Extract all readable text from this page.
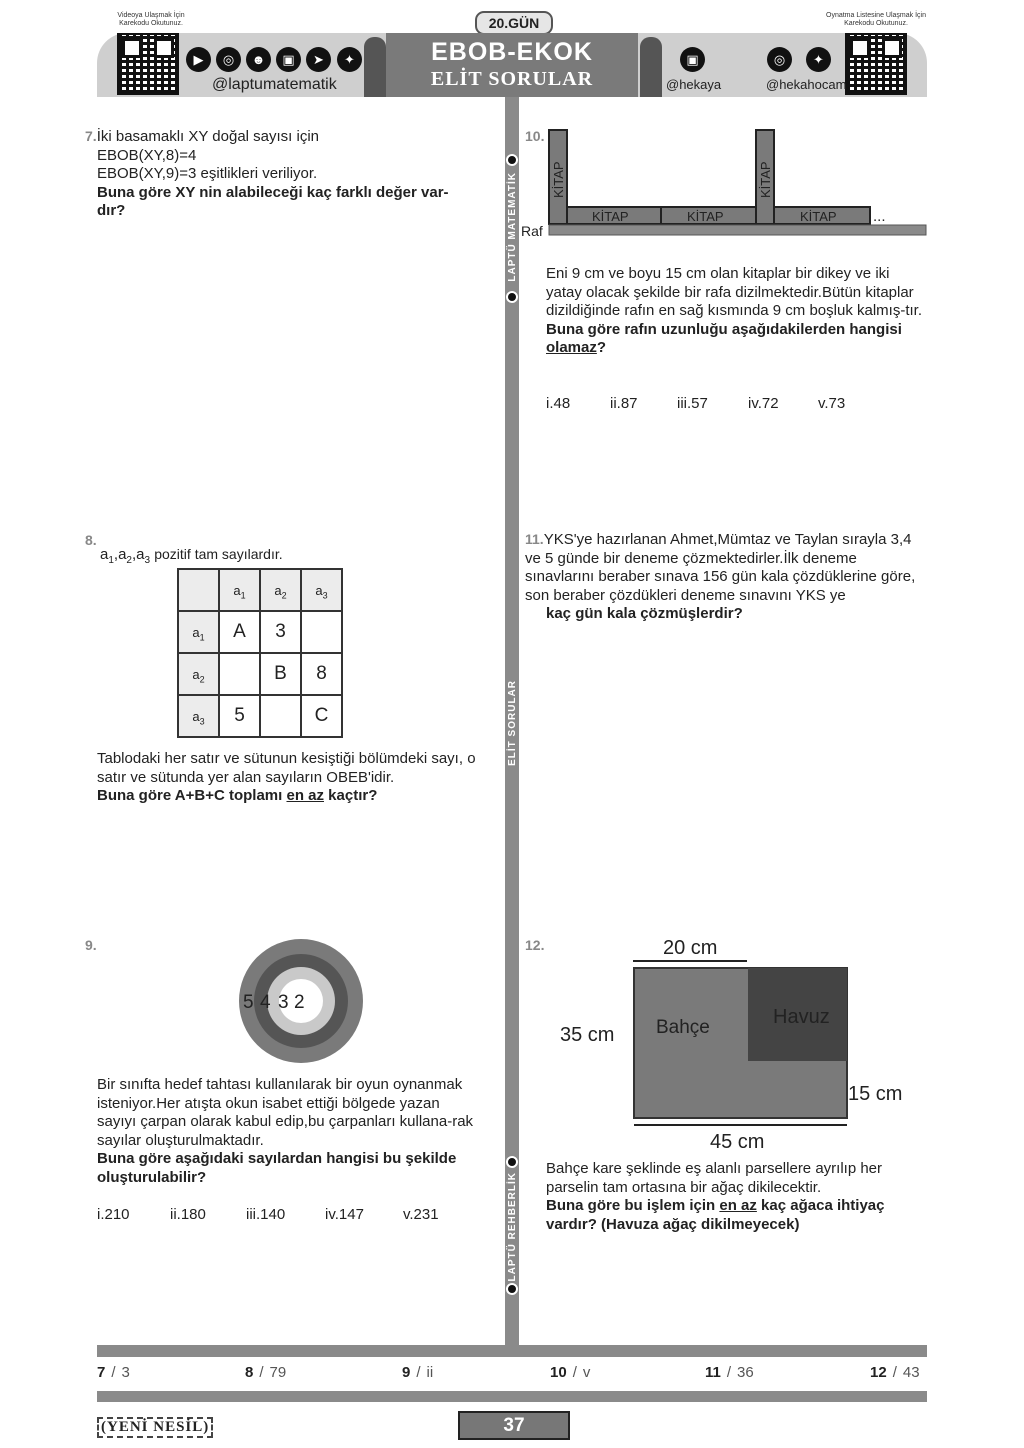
Videoya Ulaşmak İçin Karekodu Okutunuz.
Oynatma Listesine Ulaşmak İçin Karekodu Okutunuz.
20.GÜN
EBOB-EKOK
ELİT SORULAR
▶	◎	☻	▣	➤	✦
@laptumatematik
▣
@hekaya
◎	✦
@hekahocam
LAPTÜ MATEMATİK
ELİT SORULAR
LAPTÜ REHBERLİK
7.İki basamaklı XY doğal sayısı için
EBOB(XY,8)=4
EBOB(XY,9)=3 eşitlikleri veriliyor.
Buna göre XY nin alabileceği kaç farklı değer var-dır?
8.
$a_1,a_2,a_3$ pozitif tam sayılardır.
	$a_1$	$a_2$	$a_3$
$a_1$	A	3	
$a_2$		B	8
$a_3$	5		C
Tablodaki her satır ve sütunun kesiştiği bölümdeki sayı, o satır ve sütunda yer alan sayıların OBEB'idir.
Buna göre A+B+C toplamı en az kaçtır?
9.
5 4 3 2
Bir sınıfta hedef tahtası kullanılarak bir oyun oynanmak isteniyor.Her atışta okun isabet ettiği bölgede yazan sayıyı çarpan olarak kabul edip,bu çarpanları kullana-rak sayılar oluşturulmaktadır.
Buna göre aşağıdaki sayılardan hangisi bu şekilde oluşturulabilir?
i.210	ii.180	iii.140	iv.147	v.231
10.
KİTAP
KİTAP	KİTAP
KİTAP
KİTAP ...
Raf
Eni 9 cm ve boyu 15 cm olan kitaplar bir dikey ve iki yatay olacak şekilde bir rafa dizilmektedir.Bütün kitaplar dizildiğinde rafın en sağ kısmında 9 cm boşluk kalmış-tır.
Buna göre rafın uzunluğu aşağıdakilerden hangisi olamaz?
i.48	ii.87	iii.57	iv.72	v.73
11.YKS'ye hazırlanan Ahmet,Mümtaz ve Taylan sırayla 3,4 ve 5 günde bir deneme çözmektedirler.İlk deneme sınavlarını beraber sınava 156 gün kala çözdüklerine göre, son beraber çözdükleri deneme sınavını YKS ye
kaç gün kala çözmüşlerdir?
12.	20 cm
Havuz
Bahçe
35 cm
15 cm
45 cm
Bahçe kare şeklinde eş alanlı parsellere ayrılıp her parselin tam ortasına bir ağaç dikilecektir.
Buna göre bu işlem için en az kaç ağaca ihtiyaç vardır? (Havuza ağaç dikilmeyecek)
7 / 3	8 / 79	9 / ii	10 / v	11 / 36	12 / 43
(YENİ NESİL)	37
